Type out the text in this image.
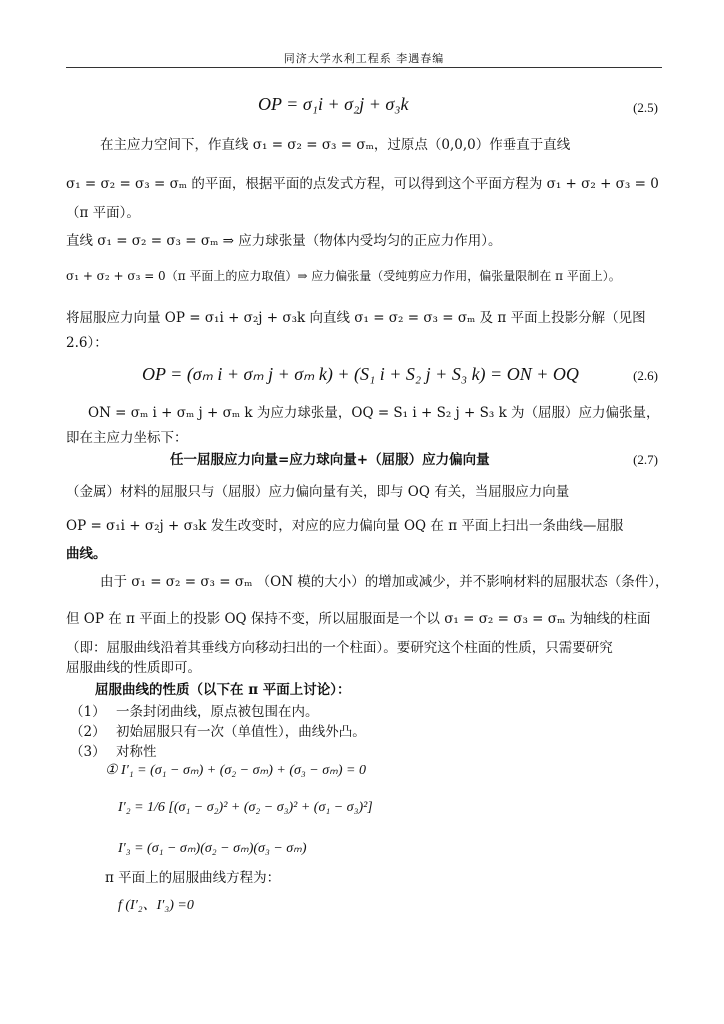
同济大学水利工程系 李遇春编
OP = σ₁i + σ₂j + σ₃k	(2.5)
在主应力空间下，作直线 σ₁ = σ₂ = σ₃ = σₘ，过原点（0,0,0）作垂直于直线
σ₁ = σ₂ = σ₃ = σₘ 的平面，根据平面的点发式方程，可以得到这个平面方程为 σ₁ + σ₂ + σ₃ = 0
（π 平面）。
直线 σ₁ = σ₂ = σ₃ = σₘ ⇒ 应力球张量（物体内受均匀的正应力作用）。
σ₁ + σ₂ + σ₃ = 0（π 平面上的应力取值）⇒ 应力偏张量（受纯剪应力作用，偏张量限制在 π 平面上）。
将屈服应力向量 OP = σ₁i + σ₂j + σ₃k 向直线 σ₁ = σ₂ = σ₃ = σₘ 及 π 平面上投影分解（见图
2.6）：
OP = (σₘ i + σₘ j + σₘ k) + (S₁ i + S₂ j + S₃ k) = ON + OQ	(2.6)
ON = σₘ i + σₘ j + σₘ k 为应力球张量，OQ = S₁ i + S₂ j + S₃ k 为（屈服）应力偏张量，
即在主应力坐标下：
任一屈服应力向量=应力球向量+（屈服）应力偏向量	(2.7)
（金属）材料的屈服只与（屈服）应力偏向量有关，即与 OQ 有关，当屈服应力向量
OP = σ₁i + σ₂j + σ₃k 发生改变时，对应的应力偏向量 OQ 在 π 平面上扫出一条曲线—屈服
曲线。
由于 σ₁ = σ₂ = σ₃ = σₘ （ON 模的大小）的增加或减少，并不影响材料的屈服状态（条件），
但 OP 在 π 平面上的投影 OQ 保持不变，所以屈服面是一个以 σ₁ = σ₂ = σ₃ = σₘ 为轴线的柱面
（即：屈服曲线沿着其垂线方向移动扫出的一个柱面）。要研究这个柱面的性质，只需要研究
屈服曲线的性质即可。
屈服曲线的性质（以下在 π 平面上讨论）：
（1） 一条封闭曲线，原点被包围在内。
（2） 初始屈服只有一次（单值性），曲线外凸。
（3） 对称性
① I′₁ = (σ₁ − σₘ) + (σ₂ − σₘ) + (σ₃ − σₘ) = 0
I′₂ = 1/6 [(σ₁ − σ₂)² + (σ₂ − σ₃)² + (σ₁ − σ₃)²]
I′₃ = (σ₁ − σₘ)(σ₂ − σₘ)(σ₃ − σₘ)
π 平面上的屈服曲线方程为：
f (I′₂、I′₃) =0
